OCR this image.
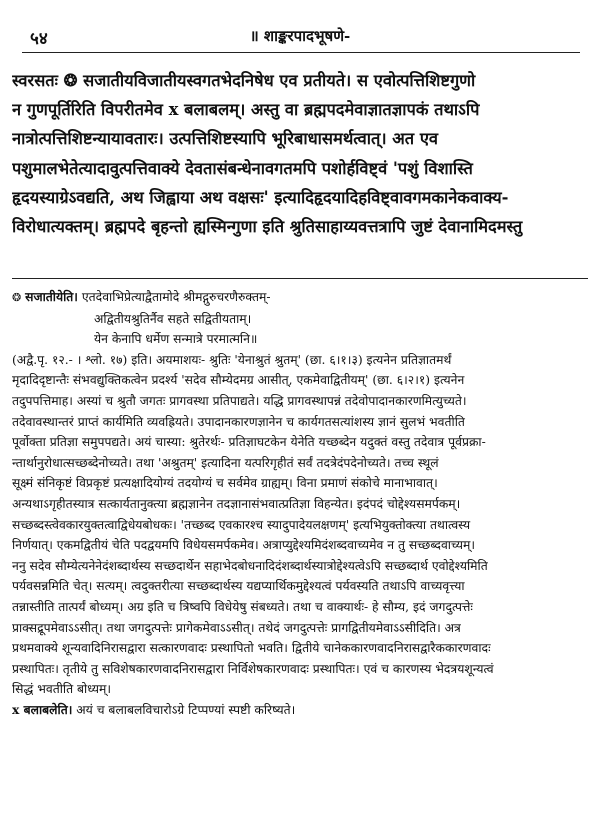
५४	॥ शाङ्करपादभूषणे-

स्वरसतः ❂ सजातीयविजातीयस्वगतभेदनिषेध एव प्रतीयते। स एवोत्पत्तिशिष्टगुणो
न गुणपूर्तिरिति विपरीतमेव x बलाबलम्। अस्तु वा ब्रह्मपदमेवाज्ञातज्ञापकं तथाऽपि
नात्रोत्पत्तिशिष्टन्यायावतारः। उत्पत्तिशिष्टस्यापि भूरिबाधासमर्थत्वात्। अत एव
पशुमालभेतेत्यादावुत्पत्तिवाक्ये देवतासंबन्धेनावगतमपि पशोर्हविष्ट्वं 'पशुं विशास्ति
हृदयस्याग्रेऽवद्यति, अथ जिह्वाया अथ वक्षसः' इत्यादिहृदयादिहविष्ट्वावगमकानेकवाक्य-
विरोधात्यक्तम्। ब्रह्मपदे बृहन्तो ह्यस्मिन्गुणा इति श्रुतिसाहाय्यवत्तत्रापि जुष्टं देवानामिदमस्तु

❂ सजातीयेति। एतदेवाभिप्रेत्याद्वैतामोदे श्रीमद्गुरुचरणैरुक्तम्-
अद्वितीयश्रुतिर्नैव सहते सद्वितीयताम्।
येन केनापि धर्मेण सन्मात्रे परमात्मनि॥
(अद्वै.पृ. १२.- । श्लो. १७) इति। अयमाशयः- श्रुतिः 'येनाश्रुतं श्रुतम्' (छा. ६।१।३) इत्यनेन प्रतिज्ञातमर्थं
मृदादिदृष्टान्तैः संभवद्युक्तिकत्वेन प्रदर्श्य 'सदेव सौम्येदमग्र आसीत्, एकमेवाद्वितीयम्' (छा. ६।२।१) इत्यनेन
तदुपपत्तिमाह। अस्यां च श्रुतौ जगतः प्रागवस्था प्रतिपाद्यते। यद्धि प्रागवस्थापन्नं तदेवोपादानकारणमित्युच्यते।
तदेवावस्थान्तरं प्राप्तं कार्यमिति व्यवह्रियते। उपादानकारणज्ञानेन च कार्यगतसत्यांशस्य ज्ञानं सुलभं भवतीति
पूर्वोक्ता प्रतिज्ञा समुपपद्यते। अयं चास्या: श्रुतेरर्थः- प्रतिज्ञाघटकेन येनेति यच्छब्देन यदुक्तं वस्तु तदेवात्र पूर्वप्रक्रा-
न्तार्थानुरोधात्सच्छब्देनोच्यते। तथा 'अश्रुतम्' इत्यादिना यत्परिगृहीतं सर्वं तदत्रेदंपदेनोच्यते। तच्च स्थूलं
सूक्ष्मं संनिकृष्टं विप्रकृष्टं प्रत्यक्षादियोग्यं तदयोग्यं च सर्वमेव ग्राह्यम्। विना प्रमाणं संकोचे मानाभावात्।
अन्यथाऽगृहीतस्यात्र सत्कार्यतानुक्त्या ब्रह्मज्ञानेन तदज्ञानासंभवात्प्रतिज्ञा विहन्येत। इदंपदं चोद्देश्यसमर्पकम्।
सच्छब्दस्त्वेवकारयुक्तत्वाद्विधेयबोधकः। 'तच्छब्द एवकारश्च स्यादुपादेयलक्षणम्' इत्यभियुक्तोक्त्या तथात्वस्य
निर्णयात्। एकमद्वितीयं चेति पदद्वयमपि विधेयसमर्पकमेव। अत्राप्युद्देश्यमिदंशब्दवाच्यमेव न तु सच्छब्दवाच्यम्।
ननु सदेव सौम्येत्यनेनेदंशब्दार्थस्य सच्छदार्थेन सहाभेदबोधनादिदंशब्दार्थस्यात्रोद्देश्यत्वेऽपि सच्छब्दार्थ एवोद्देश्यमिति
पर्यवसन्नमिति चेत्। सत्यम्। त्वदुक्तरीत्या सच्छब्दार्थस्य यद्यप्यार्थिकमुद्देश्यत्वं पर्यवस्यति तथाऽपि वाच्यवृत्त्या
तन्नास्तीति तात्पर्यं बोध्यम्। अग्र इति च त्रिष्वपि विधेयेषु संबध्यते। तथा च वाक्यार्थः- हे सौम्य, इदं जगदुत्पत्तेः
प्राक्सद्रूपमेवाऽऽसीत्। तथा जगदुत्पत्तेः प्रागेकमेवाऽऽसीत्। तथेदं जगदुत्पत्तेः प्रागद्वितीयमेवाऽऽसीदिति। अत्र
प्रथमवाक्ये शून्यवादिनिरासद्वारा सत्कारणवादः प्रस्थापितो भवति। द्वितीये चानेककारणवादनिरासद्वारैककारणवादः
प्रस्थापितः। तृतीये तु सविशेषकारणवादनिरासद्वारा निर्विशेषकारणवादः प्रस्थापितः। एवं च कारणस्य भेदत्रयशून्यत्वं
सिद्धं भवतीति बोध्यम्।
x बलाबलेति। अयं च बलाबलविचारोऽग्रे टिप्पण्यां स्पष्टी करिष्यते।
